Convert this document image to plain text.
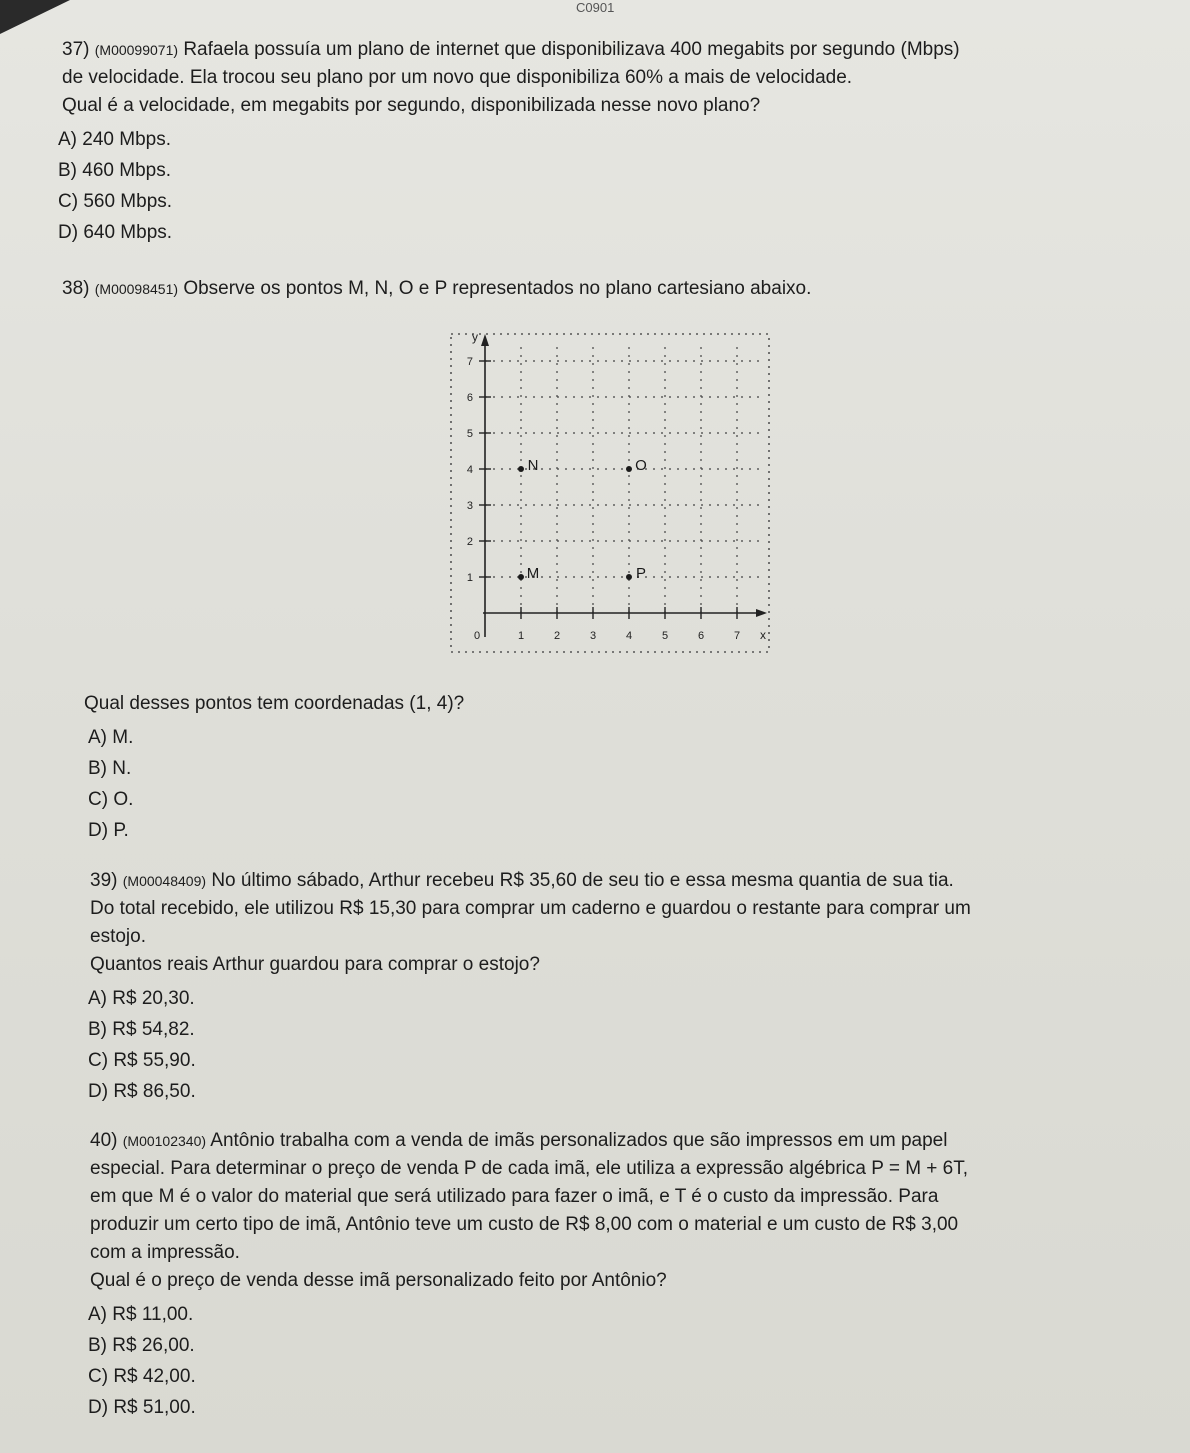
C0901

37) (M00099071) Rafaela possuía um plano de internet que disponibilizava 400 megabits por segundo (Mbps)

de velocidade. Ela trocou seu plano por um novo que disponibiliza 60% a mais de velocidade.

Qual é a velocidade, em megabits por segundo, disponibilizada nesse novo plano?

A) 240 Mbps.
B) 460 Mbps.
C) 560 Mbps.
D) 640 Mbps.

38) (M00098451) Observe os pontos M, N, O e P representados no plano cartesiano abaixo.

0	1	2	3	4	5	6	7
1
2
3
4
5
6
7
x
y
M
N	O
P

Qual desses pontos tem coordenadas (1, 4)?

A) M.
B) N.
C) O.
D) P.

39) (M00048409) No último sábado, Arthur recebeu R$ 35,60 de seu tio e essa mesma quantia de sua tia.

Do total recebido, ele utilizou R$ 15,30 para comprar um caderno e guardou o restante para comprar um

estojo.

Quantos reais Arthur guardou para comprar o estojo?

A) R$ 20,30.
B) R$ 54,82.
C) R$ 55,90.
D) R$ 86,50.

40) (M00102340) Antônio trabalha com a venda de imãs personalizados que são impressos em um papel

especial. Para determinar o preço de venda P de cada imã, ele utiliza a expressão algébrica P = M + 6T,

em que M é o valor do material que será utilizado para fazer o imã, e T é o custo da impressão. Para

produzir um certo tipo de imã, Antônio teve um custo de R$ 8,00 com o material e um custo de R$ 3,00

com a impressão.

Qual é o preço de venda desse imã personalizado feito por Antônio?

A) R$ 11,00.
B) R$ 26,00.
C) R$ 42,00.
D) R$ 51,00.
